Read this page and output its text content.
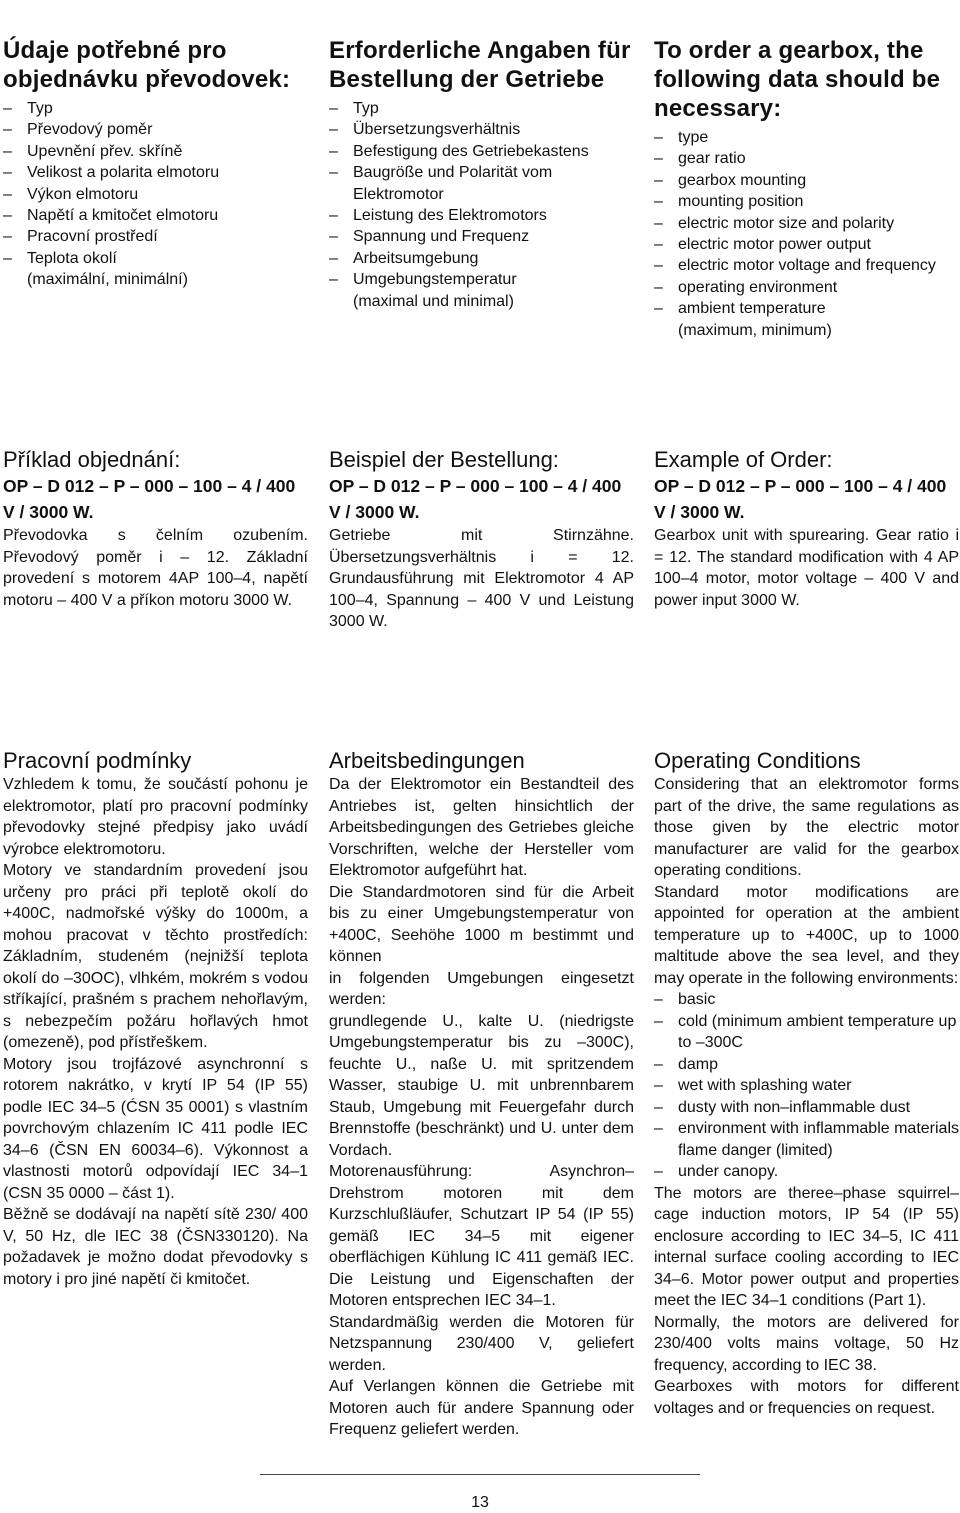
Údaje potřebné pro objednávku převodovek:
– Typ
– Převodový poměr
– Upevnění přev. skříně
– Velikost a polarita elmotoru
– Výkon elmotoru
– Napětí a kmitočet elmotoru
– Pracovní prostředí
– Teplota okolí
(maximální, minimální)
Erforderliche Angaben für Bestellung der Getriebe
– Typ
– Übersetzungsverhältnis
– Befestigung des Getriebekastens
– Baugröße und Polarität vom Elektromotor
– Leistung des Elektromotors
– Spannung und Frequenz
– Arbeitsumgebung
– Umgebungstemperatur
(maximal und minimal)
To order a gearbox, the following data should be necessary:
– type
– gear ratio
– gearbox mounting
– mounting position
– electric motor size and polarity
– electric motor power output
– electric motor voltage and frequency
– operating environment
– ambient temperature
(maximum, minimum)
Příklad objednání:
OP – D 012 – P – 000 – 100 – 4 / 400 V / 3000 W.

Převodovka s čelním ozubením. Převodový poměr i – 12. Základní provedení s motorem 4AP 100–4, napětí motoru – 400 V a příkon motoru 3000 W.

Beispiel der Bestellung:
OP – D 012 – P – 000 – 100 – 4 / 400 V / 3000 W.

Getriebe mit Stirnzähne. Übersetzungsverhältnis i = 12. Grundausführung mit Elektromotor 4 AP 100–4, Spannung – 400 V und Leistung 3000 W.

Example of Order:
OP – D 012 – P – 000 – 100 – 4 / 400 V / 3000 W.

Gearbox unit with spurearing. Gear ratio i = 12. The standard modification with 4 AP 100–4 motor, motor voltage – 400 V and power input 3000 W.

Pracovní podmínky

Vzhledem k tomu, že součástí pohonu je elektromotor, platí pro pracovní podmínky převodovky stejné předpisy jako uvádí výrobce elektromotoru.

Motory ve standardním provedení jsou určeny pro práci při teplotě okolí do +400C, nadmořské výšky do 1000m, a mohou pracovat v těchto prostředích: Základním, studeném (nejnižší teplota okolí do –30OC), vlhkém, mokrém s vodou stříkající, prašném s prachem nehořlavým, s nebezpečím požáru hořlavých hmot (omezeně), pod přístřeškem.

Motory jsou trojfázové asynchronní s rotorem nakrátko, v krytí IP 54 (IP 55) podle IEC 34–5 (ĆSN 35 0001) s vlastním povrchovým chlazením IC 411 podle IEC 34–6 (ČSN EN 60034–6). Výkonnost a vlastnosti motorů odpovídají IEC 34–1 (CSN 35 0000 – část 1).

Běžně se dodávají na napětí sítě 230/ 400 V, 50 Hz, dle IEC 38 (ČSN330120). Na požadavek je možno dodat převodovky s motory i pro jiné napětí či kmitočet.

Arbeitsbedingungen

Da der Elektromotor ein Bestandteil des Antriebes ist, gelten hinsichtlich der Arbeitsbedingungen des Getriebes gleiche Vorschriften, welche der Hersteller vom Elektromotor aufgeführt hat.

Die Standardmotoren sind für die Arbeit bis zu einer Umgebungstemperatur von +400C, Seehöhe 1000 m bestimmt und können

in folgenden Umgebungen eingesetzt werden:

grundlegende U., kalte U. (niedrigste Umgebungstemperatur bis zu –300C), feuchte U., naße U. mit spritzendem Wasser, staubige U. mit unbrennbarem Staub, Umgebung mit Feuergefahr durch Brennstoffe (beschränkt) und U. unter dem Vordach.

Motorenausführung: Asynchron–Drehstrom motoren mit dem Kurzschlußläufer, Schutzart IP 54 (IP 55) gemäß IEC 34–5 mit eigener oberflächigen Kühlung IC 411 gemäß IEC. Die Leistung und Eigenschaften der Motoren entsprechen IEC 34–1.

Standardmäßig werden die Motoren für Netzspannung 230/400 V, geliefert werden.

Auf Verlangen können die Getriebe mit Motoren auch für andere Spannung oder Frequenz geliefert werden.

Operating Conditions

Considering that an elektromotor forms part of the drive, the same regulations as those given by the electric motor manufacturer are valid for the gearbox operating conditions.

Standard motor modifications are appointed for operation at the ambient temperature up to +400C, up to 1000 maltitude above the sea level, and they may operate in the following environments:

– basic
– cold (minimum ambient temperature up to –300C
– damp
– wet with splashing water
– dusty with non–inflammable dust
– environment with inflammable materials flame danger (limited)
– under canopy.

The motors are theree–phase squirrel–cage induction motors, IP 54 (IP 55) enclosure according to IEC 34–5, IC 411 internal surface cooling according to IEC 34–6. Motor power output and properties meet the IEC 34–1 conditions (Part 1).

Normally, the motors are delivered for 230/400 volts mains voltage, 50 Hz frequency, according to IEC 38.

Gearboxes with motors for different voltages and or frequencies on request.

13
